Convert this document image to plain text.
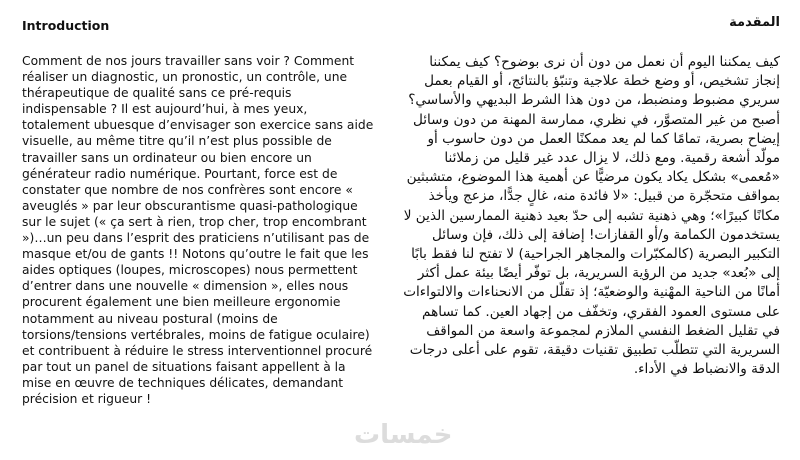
Introduction

Comment de nos jours travailler sans voir ? Comment réaliser un diagnostic, un pronostic, un contrôle, une thérapeutique de qualité sans ce pré-requis indispensable ? Il est aujourd’hui, à mes yeux, totalement ubuesque d’envisager son exercice sans aide visuelle, au même titre qu’il n’est plus possible de travailler sans un ordinateur ou bien encore un générateur radio numérique. Pourtant, force est de constater que nombre de nos confrères sont encore « aveuglés » par leur obscurantisme quasi-pathologique sur le sujet (« ça sert à rien, trop cher, trop encombrant »)…un peu dans l’esprit des praticiens n’utilisant pas de masque et/ou de gants !! Notons qu’outre le fait que les aides optiques (loupes, microscopes) nous permettent d’entrer dans une nouvelle « dimension », elles nous procurent également une bien meilleure ergonomie notamment au niveau postural (moins de torsions/tensions vertébrales, moins de fatigue oculaire) et contribuent à réduire le stress interventionnel procuré par tout un panel de situations faisant appellent à la mise en œuvre de techniques délicates, demandant précision et rigueur !

المقدمة

كيف يمكننا اليوم أن نعمل من دون أن نرى بوضوح؟ كيف يمكننا إنجاز تشخيص، أو وضع خطة علاجية وتنبّؤ بالنتائج، أو القيام بعمل سريري مضبوط ومنضبط، من دون هذا الشرط البديهي والأساسي؟ أصبح من غير المتصوَّر، في نظري، ممارسة المهنة من دون وسائل إيضاح بصرية، تمامًا كما لم يعد ممكنًا العمل من دون حاسوب أو مولّد أشعة رقمية. ومع ذلك، لا يزال عدد غير قليل من زملائنا «مُعمى» بشكل يكاد يكون مرضيًّا عن أهمية هذا الموضوع، متشبثين بمواقف متحجّرة من قبيل: «لا فائدة منه، غالٍ جدًّا، مزعج ويأخذ مكانًا كبيرًا»؛ وهي ذهنية تشبه إلى حدّ بعيد ذهنية الممارسين الذين لا يستخدمون الكمامة و/أو القفازات! إضافة إلى ذلك، فإن وسائل التكبير البصرية (كالمكبّرات والمجاهر الجراحية) لا تفتح لنا فقط بابًا إلى «بُعد» جديد من الرؤية السريرية، بل توفّر أيضًا بيئة عمل أكثر أمانًا من الناحية المهْنية والوضعيّة؛ إذ تقلّل من الانحناءات والالتواءات على مستوى العمود الفقري، وتخفّف من إجهاد العين. كما تساهم في تقليل الضغط النفسي الملازم لمجموعة واسعة من المواقف السريرية التي تتطلّب تطبيق تقنيات دقيقة، تقوم على أعلى درجات الدقة والانضباط في الأداء.

خمسات
